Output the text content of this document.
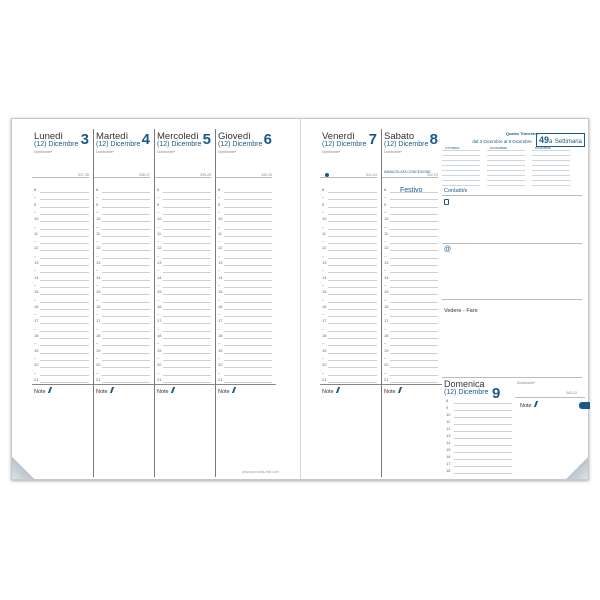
Lunedì
(12) Dicembre 3
Dominante*
337-28
8
–
9
–
10
–
11
–
12
–
13
–
14
–
15
–
16
–
17
–
18
–
19
–
20
–
21
Note
Martedì
(12) Dicembre 4
Dominante*
338-27
8
–
9
–
10
–
11
–
12
–
13
–
14
–
15
–
16
–
17
–
18
–
19
–
20
–
21
Note
Mercoledì
(12) Dicembre 5
Dominante*
339-26
8
–
9
–
10
–
11
–
12
–
13
–
14
–
15
–
16
–
17
–
18
–
19
–
20
–
21
Note
Giovedì
(12) Dicembre 6
Dominante*
340-25
8
–
9
–
10
–
11
–
12
–
13
–
14
–
15
–
16
–
17
–
18
–
19
–
20
–
21
Note
www.quovadis-mfp.com
Venerdì
(12) Dicembre 7
Dominante*
341-24
8
–
9
–
10
–
11
–
12
–
13
–
14
–
15
–
16
–
17
–
18
–
19
–
20
–
21
Note
Sabato
(12) Dicembre 8
Dominante*
342-23
8
–
9
–
10
–
11
–
12
–
13
–
14
–
15
–
16
–
17
–
18
–
19
–
20
–
21
Note
IMMACOLATA CONCEZIONE
Festivo
Quarto Trimestre
dal 3 Dicembre al 9 Dicembre
OTTOBRE	NOVEMBRE	DICEMBRE
49a Settimana
Contatti/e
@
Vedere - Fare
Domenica
(12) Dicembre 9
Dominante*
343-22
Note
8
9
10
11
12
13
14
15
16
17
18
